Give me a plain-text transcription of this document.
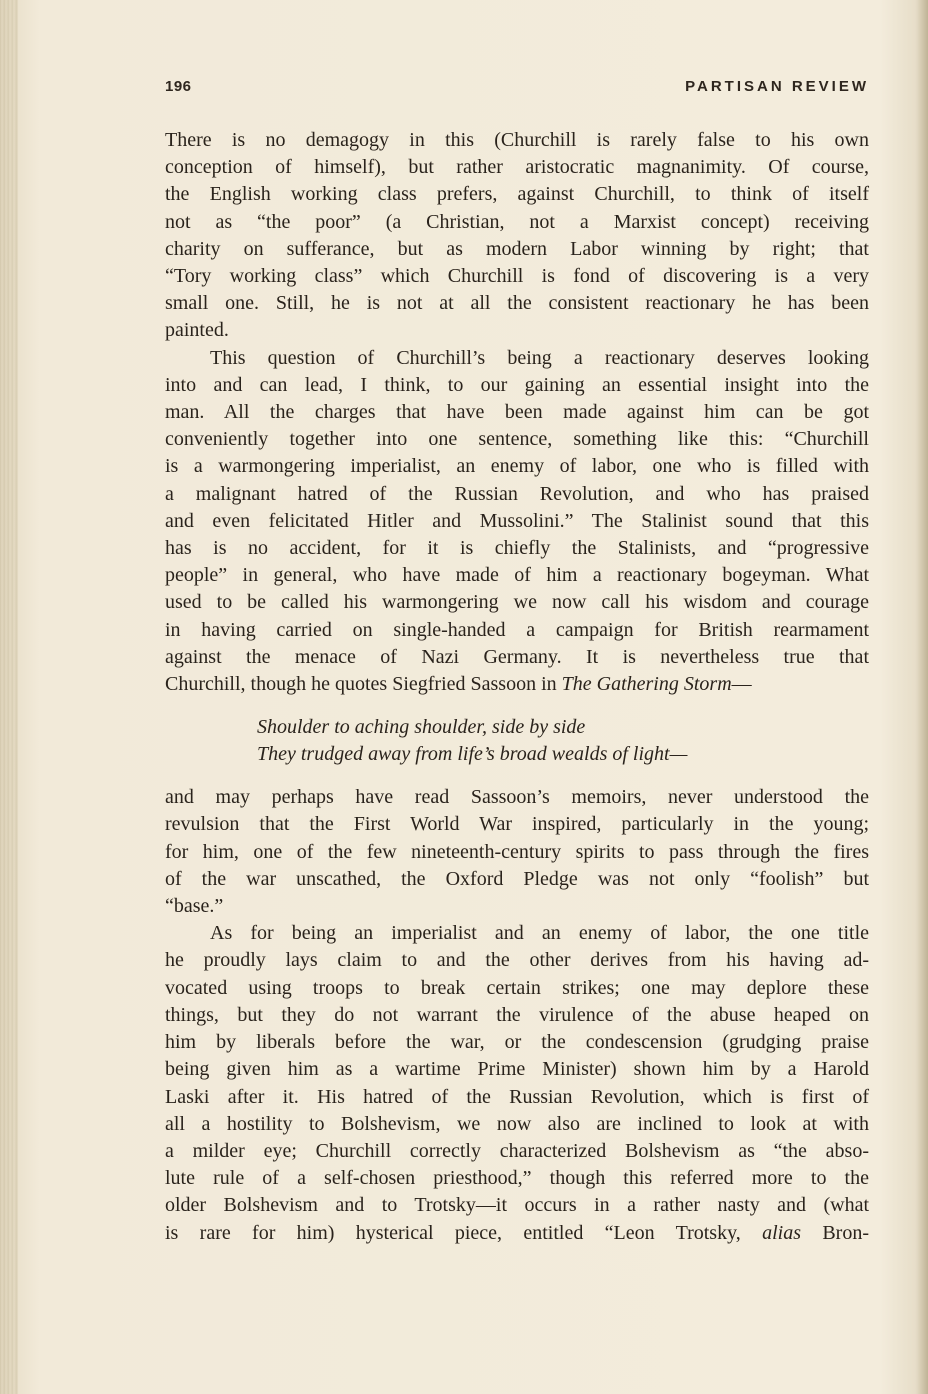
196	PARTISAN REVIEW

There is no demagogy in this (Churchill is rarely false to his own
conception of himself), but rather aristocratic magnanimity. Of course,
the English working class prefers, against Churchill, to think of itself
not as “the poor” (a Christian, not a Marxist concept) receiving
charity on sufferance, but as modern Labor winning by right; that
“Tory working class” which Churchill is fond of discovering is a very
small one. Still, he is not at all the consistent reactionary he has been
painted.

This question of Churchill’s being a reactionary deserves looking
into and can lead, I think, to our gaining an essential insight into the
man. All the charges that have been made against him can be got
conveniently together into one sentence, something like this: “Churchill
is a warmongering imperialist, an enemy of labor, one who is filled with
a malignant hatred of the Russian Revolution, and who has praised
and even felicitated Hitler and Mussolini.” The Stalinist sound that this
has is no accident, for it is chiefly the Stalinists, and “progressive
people” in general, who have made of him a reactionary bogeyman. What
used to be called his warmongering we now call his wisdom and courage
in having carried on single-handed a campaign for British rearmament
against the menace of Nazi Germany. It is nevertheless true that
Churchill, though he quotes Siegfried Sassoon in The Gathering Storm—

Shoulder to aching shoulder, side by side
They trudged away from life’s broad wealds of light—

and may perhaps have read Sassoon’s memoirs, never understood the
revulsion that the First World War inspired, particularly in the young;
for him, one of the few nineteenth-century spirits to pass through the fires
of the war unscathed, the Oxford Pledge was not only “foolish” but
“base.”

As for being an imperialist and an enemy of labor, the one title
he proudly lays claim to and the other derives from his having ad-
vocated using troops to break certain strikes; one may deplore these
things, but they do not warrant the virulence of the abuse heaped on
him by liberals before the war, or the condescension (grudging praise
being given him as a wartime Prime Minister) shown him by a Harold
Laski after it. His hatred of the Russian Revolution, which is first of
all a hostility to Bolshevism, we now also are inclined to look at with
a milder eye; Churchill correctly characterized Bolshevism as “the abso-
lute rule of a self-chosen priesthood,” though this referred more to the
older Bolshevism and to Trotsky—it occurs in a rather nasty and (what
is rare for him) hysterical piece, entitled “Leon Trotsky, alias Bron-
